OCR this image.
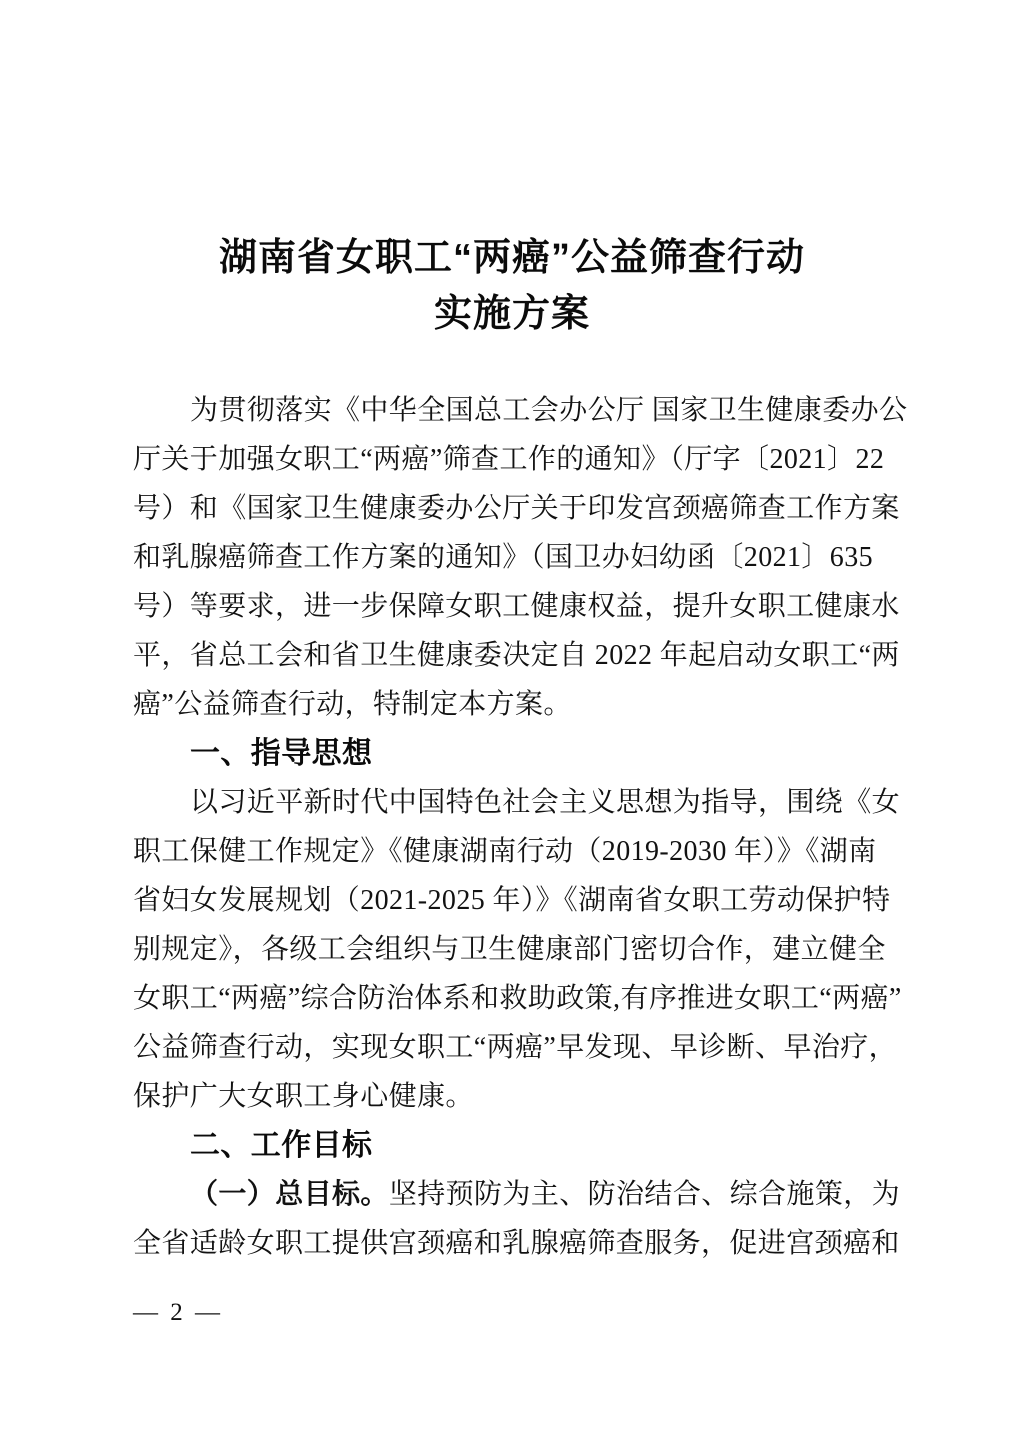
湖南省女职工“两癌”公益筛查行动
实施方案
为贯彻落实《中华全国总工会办公厅 国家卫生健康委办公
厅关于加强女职工“两癌”筛查工作的通知》（厅字〔2021〕22
号）和《国家卫生健康委办公厅关于印发宫颈癌筛查工作方案
和乳腺癌筛查工作方案的通知》（国卫办妇幼函〔2021〕635
号）等要求，进一步保障女职工健康权益，提升女职工健康水
平，省总工会和省卫生健康委决定自 2022 年起启动女职工“两
癌”公益筛查行动，特制定本方案。
一、指导思想
以习近平新时代中国特色社会主义思想为指导，围绕《女
职工保健工作规定》《健康湖南行动（2019-2030 年）》《湖南
省妇女发展规划（2021-2025 年）》《湖南省女职工劳动保护特
别规定》，各级工会组织与卫生健康部门密切合作，建立健全
女职工“两癌”综合防治体系和救助政策,有序推进女职工“两癌”
公益筛查行动，实现女职工“两癌”早发现、早诊断、早治疗，
保护广大女职工身心健康。
二、工作目标
（一）总目标。坚持预防为主、防治结合、综合施策，为
全省适龄女职工提供宫颈癌和乳腺癌筛查服务，促进宫颈癌和
— 2 —
